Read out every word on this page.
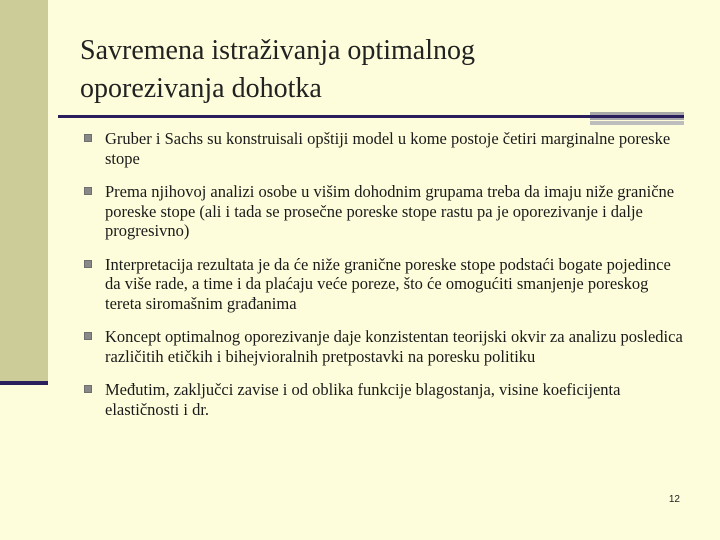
Savremena istraživanja optimalnog
oporezivanja dohotka
Gruber i Sachs su konstruisali opštiji model u kome postoje četiri marginalne poreske stope
Prema njihovoj analizi osobe u višim dohodnim grupama treba da imaju niže granične poreske stope (ali i tada se prosečne poreske stope rastu pa je oporezivanje i dalje progresivno)
Interpretacija rezultata je da će niže granične poreske stope podstaći bogate pojedince da više rade, a time i da plaćaju veće poreze, što će omogućiti smanjenje poreskog tereta siromašnim građanima
Koncept optimalnog oporezivanje daje konzistentan teorijski okvir za analizu posledica različitih etičkih i bihejvioralnih pretpostavki na poresku politiku
Međutim, zaključci zavise i od oblika funkcije blagostanja, visine koeficijenta elastičnosti i dr.
12
